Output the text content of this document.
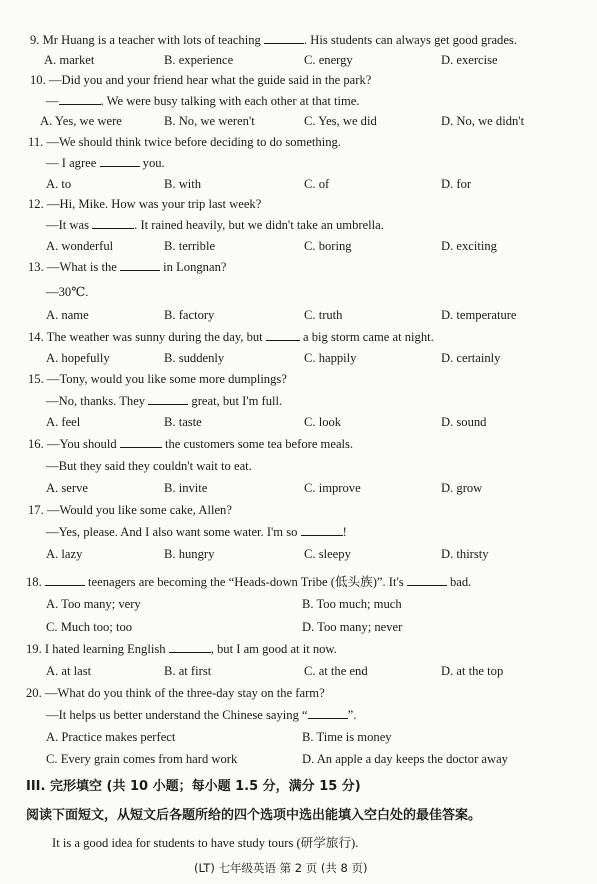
9. Mr Huang is a teacher with lots of teaching	. His students can always get good grades.
A. market	B. experience	C. energy	D. exercise
10. —Did you and your friend hear what the guide said in the park?
—	. We were busy talking with each other at that time.
A. Yes, we were	B. No, we weren't	C. Yes, we did	D. No, we didn't
11. —We should think twice before deciding to do something.
— I agree	you.
A. to	B. with	C. of	D. for
12. —Hi, Mike. How was your trip last week?
—It was	. It rained heavily, but we didn't take an umbrella.
A. wonderful	B. terrible	C. boring	D. exciting
13. —What is the	in Longnan?
—30℃.
A. name	B. factory	C. truth	D. temperature
14. The weather was sunny during the day, but	a big storm came at night.
A. hopefully	B. suddenly	C. happily	D. certainly
15. —Tony, would you like some more dumplings?
—No, thanks. They	great, but I'm full.
A. feel	B. taste	C. look	D. sound
16. —You should	the customers some tea before meals.
—But they said they couldn't wait to eat.
A. serve	B. invite	C. improve	D. grow
17. —Would you like some cake, Allen?
—Yes, please. And I also want some water. I'm so	!
A. lazy	B. hungry	C. sleepy	D. thirsty
18.	teenagers are becoming the “Heads-down Tribe (低头族)”. It's	bad.
A. Too many; very	B. Too much; much
C. Much too; too	D. Too many; never
19. I hated learning English	, but I am good at it now.
A. at last	B. at first	C. at the end	D. at the top
20. —What do you think of the three-day stay on the farm?
—It helps us better understand the Chinese saying “	”.
A. Practice makes perfect	B. Time is money
C. Every grain comes from hard work	D. An apple a day keeps the doctor away
III. 完形填空 (共 10 小题；每小题 1.5 分，满分 15 分)
阅读下面短文，从短文后各题所给的四个选项中选出能填入空白处的最佳答案。
It is a good idea for students to have study tours (研学旅行).
(LT) 七年级英语 第 2 页 (共 8 页)
